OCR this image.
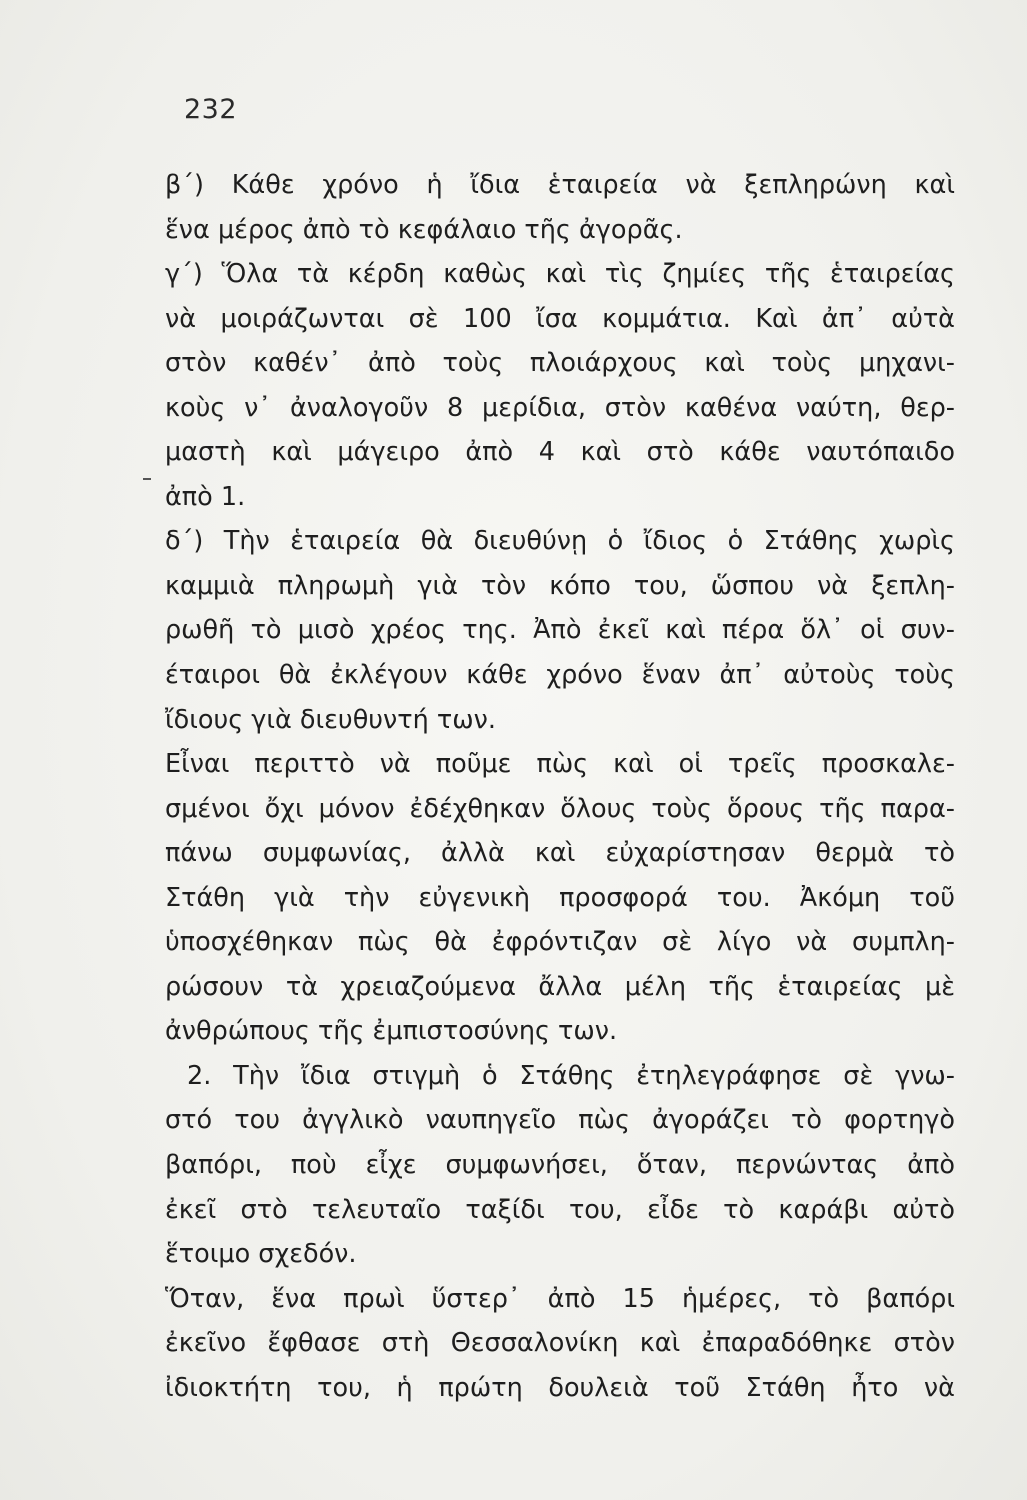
232
β΄) Κάθε χρόνο ἡ ἴδια ἑταιρεία νὰ ξεπληρώνη καὶ
ἕνα μέρος ἀπὸ τὸ κεφάλαιο τῆς ἀγορᾶς.
γ΄) Ὅλα τὰ κέρδη καθὼς καὶ τὶς ζημίες τῆς ἑταιρείας
νὰ μοιράζωνται σὲ 100 ἴσα κομμάτια. Καὶ ἀπ᾽ αὐτὰ
στὸν καθέν᾽ ἀπὸ τοὺς πλοιάρχους καὶ τοὺς μηχανι-
κοὺς ν᾽ ἀναλογοῦν 8 μερίδια, στὸν καθένα ναύτη, θερ-
μαστὴ καὶ μάγειρο ἀπὸ 4 καὶ στὸ κάθε ναυτόπαιδο
ἀπὸ 1.
δ΄) Τὴν ἑταιρεία θὰ διευθύνῃ ὁ ἴδιος ὁ Στάθης χωρὶς
καμμιὰ πληρωμὴ γιὰ τὸν κόπο του, ὥσπου νὰ ξεπλη-
ρωθῆ τὸ μισὸ χρέος της. Ἀπὸ ἐκεῖ καὶ πέρα ὅλ᾽ οἱ συν-
έταιροι θὰ ἐκλέγουν κάθε χρόνο ἕναν ἀπ᾽ αὐτοὺς τοὺς
ἴδιους γιὰ διευθυντή των.
Εἶναι περιττὸ νὰ ποῦμε πὼς καὶ οἱ τρεῖς προσκαλε-
σμένοι ὄχι μόνον ἐδέχθηκαν ὅλους τοὺς ὅρους τῆς παρα-
πάνω συμφωνίας, ἀλλὰ καὶ εὐχαρίστησαν θερμὰ τὸ
Στάθη γιὰ τὴν εὐγενικὴ προσφορά του. Ἀκόμη τοῦ
ὑποσχέθηκαν πὼς θὰ ἐφρόντιζαν σὲ λίγο νὰ συμπλη-
ρώσουν τὰ χρειαζούμενα ἄλλα μέλη τῆς ἑταιρείας μὲ
ἀνθρώπους τῆς ἐμπιστοσύνης των.
2. Τὴν ἴδια στιγμὴ ὁ Στάθης ἐτηλεγράφησε σὲ γνω-
στό του ἀγγλικὸ ναυπηγεῖο πὼς ἀγοράζει τὸ φορτηγὸ
βαπόρι, ποὺ εἶχε συμφωνήσει, ὅταν, περνώντας ἀπὸ
ἐκεῖ στὸ τελευταῖο ταξίδι του, εἶδε τὸ καράβι αὐτὸ
ἕτοιμο σχεδόν.
Ὅταν, ἕνα πρωὶ ὕστερ᾽ ἀπὸ 15 ἡμέρες, τὸ βαπόρι
ἐκεῖνο ἔφθασε στὴ Θεσσαλονίκη καὶ ἐπαραδόθηκε στὸν
ἰδιοκτήτη του, ἡ πρώτη δουλειὰ τοῦ Στάθη ἦτο νὰ
